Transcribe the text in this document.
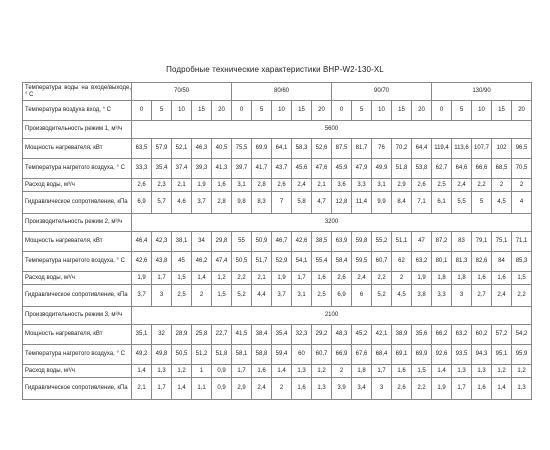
Подробные технические характеристики ВНР-W2-130-XL
Температура воды на входе/выходе, ° С	70/50					80/60					90/70					130/90				
Температура воздуха вход, ° С	0	5	10	15	20	0	5	10	15	20	0	5	10	15	20	0	5	10	15	20
Производительность режим 1, м³/ч	5600																			
Мощность нагревателя, кВт	63,5	57,9	52,1	46,3	40,5	75,5	69,9	64,1	58,3	52,6	87,5	81,7	76	70,2	64,4	119,4	113,6	107,7	102	96,5
Температура нагретого воздуха, ° С	33,3	35,4	37,4	39,3	41,3	39,7	41,7	43,7	45,6	47,6	45,9	47,9	49,9	51,8	53,8	62,7	64,6	66,6	68,5	70,5
Расход воды, м³/ч	2,6	2,3	2,1	1,9	1,6	3,1	2,8	2,6	2,4	2,1	3,6	3,3	3,1	2,9	2,6	2,5	2,4	2,2	2	2
Гидравлическое сопротивление, кПа	6,9	5,7	4,6	3,7	2,8	9,8	8,3	7	5,8	4,7	12,8	11,4	9,9	8,4	7,1	6,1	5,5	5	4,5	4
Производительность режим 2, м³/ч	3200																			
Мощность нагревателя, кВт	46,4	42,3	38,1	34	29,8	55	50,9	46,7	42,6	38,5	63,9	59,8	55,2	51,1	47	87,2	83	79,1	75,1	71,1
Температура нагретого воздуха, ° С	42,6	43,8	45	46,2	47,4	50,5	51,7	52,9	54,1	55,4	58,4	59,5	60,7	62	63,2	80,1	81,3	82,6	84	85,3
Расход воды, м³/ч	1,9	1,7	1,5	1,4	1,2	2,2	2,1	1,9	1,7	1,6	2,6	2,4	2,2	2	1,9	1,8	1,8	1,6	1,6	1,5
Гидравлическое сопротивление, кПа	3,7	3	2,5	2	1,5	5,2	4,4	3,7	3,1	2,5	6,9	6	5,2	4,5	3,8	3,3	3	2,7	2,4	2,2
Производительность режим 3, м³/ч	2100																			
Мощность нагревателя, кВт	35,1	32	28,9	25,8	22,7	41,5	38,4	35,4	32,3	29,2	48,3	45,2	42,1	38,9	35,6	66,2	63,2	60,2	57,2	54,2
Температура нагретого воздуха, ° С	49,2	49,8	50,5	51,2	51,8	58,1	58,8	59,4	60	60,7	66,9	67,6	68,4	69,1	69,9	92,6	93,5	94,3	95,1	95,9
Расход воды, м³/ч	1,4	1,3	1,2	1	0,9	1,7	1,6	1,4	1,3	1,2	2	1,8	1,7	1,6	1,5	1,4	1,3	1,3	1,2	1,2
Гидравлическое сопротивление, кПа	2,1	1,7	1,4	1,1	0,9	2,9	2,4	2	1,6	1,3	3,9	3,4	3	2,6	2,2	1,9	1,7	1,6	1,4	1,3
